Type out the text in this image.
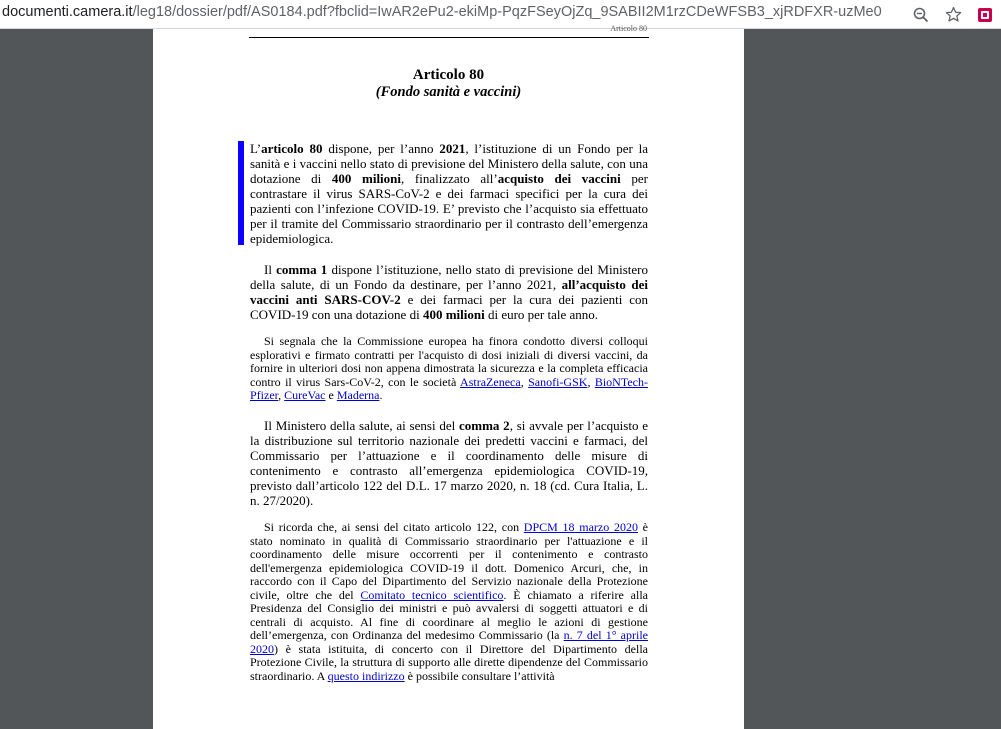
documenti.camera.it/leg18/dossier/pdf/AS0184.pdf?fbclid=IwAR2ePu2-ekiMp-PqzFSeyOjZq_9SABII2M1rzCDeWFSB3_xjRDFXR-uzMe0
Articolo 80
Articolo 80
(Fondo sanità e vaccini)

L’articolo 80 dispone, per l’anno 2021, l’istituzione di un Fondo per la sanità e i vaccini nello stato di previsione del Ministero della salute, con una dotazione di 400 milioni, finalizzato all’acquisto dei vaccini per contrastare il virus SARS-CoV-2 e dei farmaci specifici per la cura dei pazienti con l’infezione COVID-19. E’ previsto che l’acquisto sia effettuato per il tramite del Commissario straordinario per il contrasto dell’emergenza epidemiologica.

Il comma 1 dispone l’istituzione, nello stato di previsione del Ministero della salute, di un Fondo da destinare, per l’anno 2021, all’acquisto dei vaccini anti SARS-COV-2 e dei farmaci per la cura dei pazienti con COVID-19 con una dotazione di 400 milioni di euro per tale anno.

Si segnala che la Commissione europea ha finora condotto diversi colloqui esplorativi e firmato contratti per l'acquisto di dosi iniziali di diversi vaccini, da fornire in ulteriori dosi non appena dimostrata la sicurezza e la completa efficacia contro il virus Sars-CoV-2, con le società AstraZeneca, Sanofi-GSK, BioNTech-Pfizer, CureVac e Maderna.

Il Ministero della salute, ai sensi del comma 2, si avvale per l’acquisto e la distribuzione sul territorio nazionale dei predetti vaccini e farmaci, del Commissario per l’attuazione e il coordinamento delle misure di contenimento e contrasto all’emergenza epidemiologica COVID-19, previsto dall’articolo 122 del D.L. 17 marzo 2020, n. 18 (cd. Cura Italia, L. n. 27/2020).

Si ricorda che, ai sensi del citato articolo 122, con DPCM 18 marzo 2020 è stato nominato in qualità di Commissario straordinario per l'attuazione e il coordinamento delle misure occorrenti per il contenimento e contrasto dell'emergenza epidemiologica COVID-19 il dott. Domenico Arcuri, che, in raccordo con il Capo del Dipartimento del Servizio nazionale della Protezione civile, oltre che del Comitato tecnico scientifico. È chiamato a riferire alla Presidenza del Consiglio dei ministri e può avvalersi di soggetti attuatori e di centrali di acquisto. Al fine di coordinare al meglio le azioni di gestione dell’emergenza, con Ordinanza del medesimo Commissario (la n. 7 del 1° aprile 2020) è stata istituita, di concerto con il Direttore del Dipartimento della Protezione Civile, la struttura di supporto alle dirette dipendenze del Commissario straordinario. A questo indirizzo è possibile consultare l’attività
